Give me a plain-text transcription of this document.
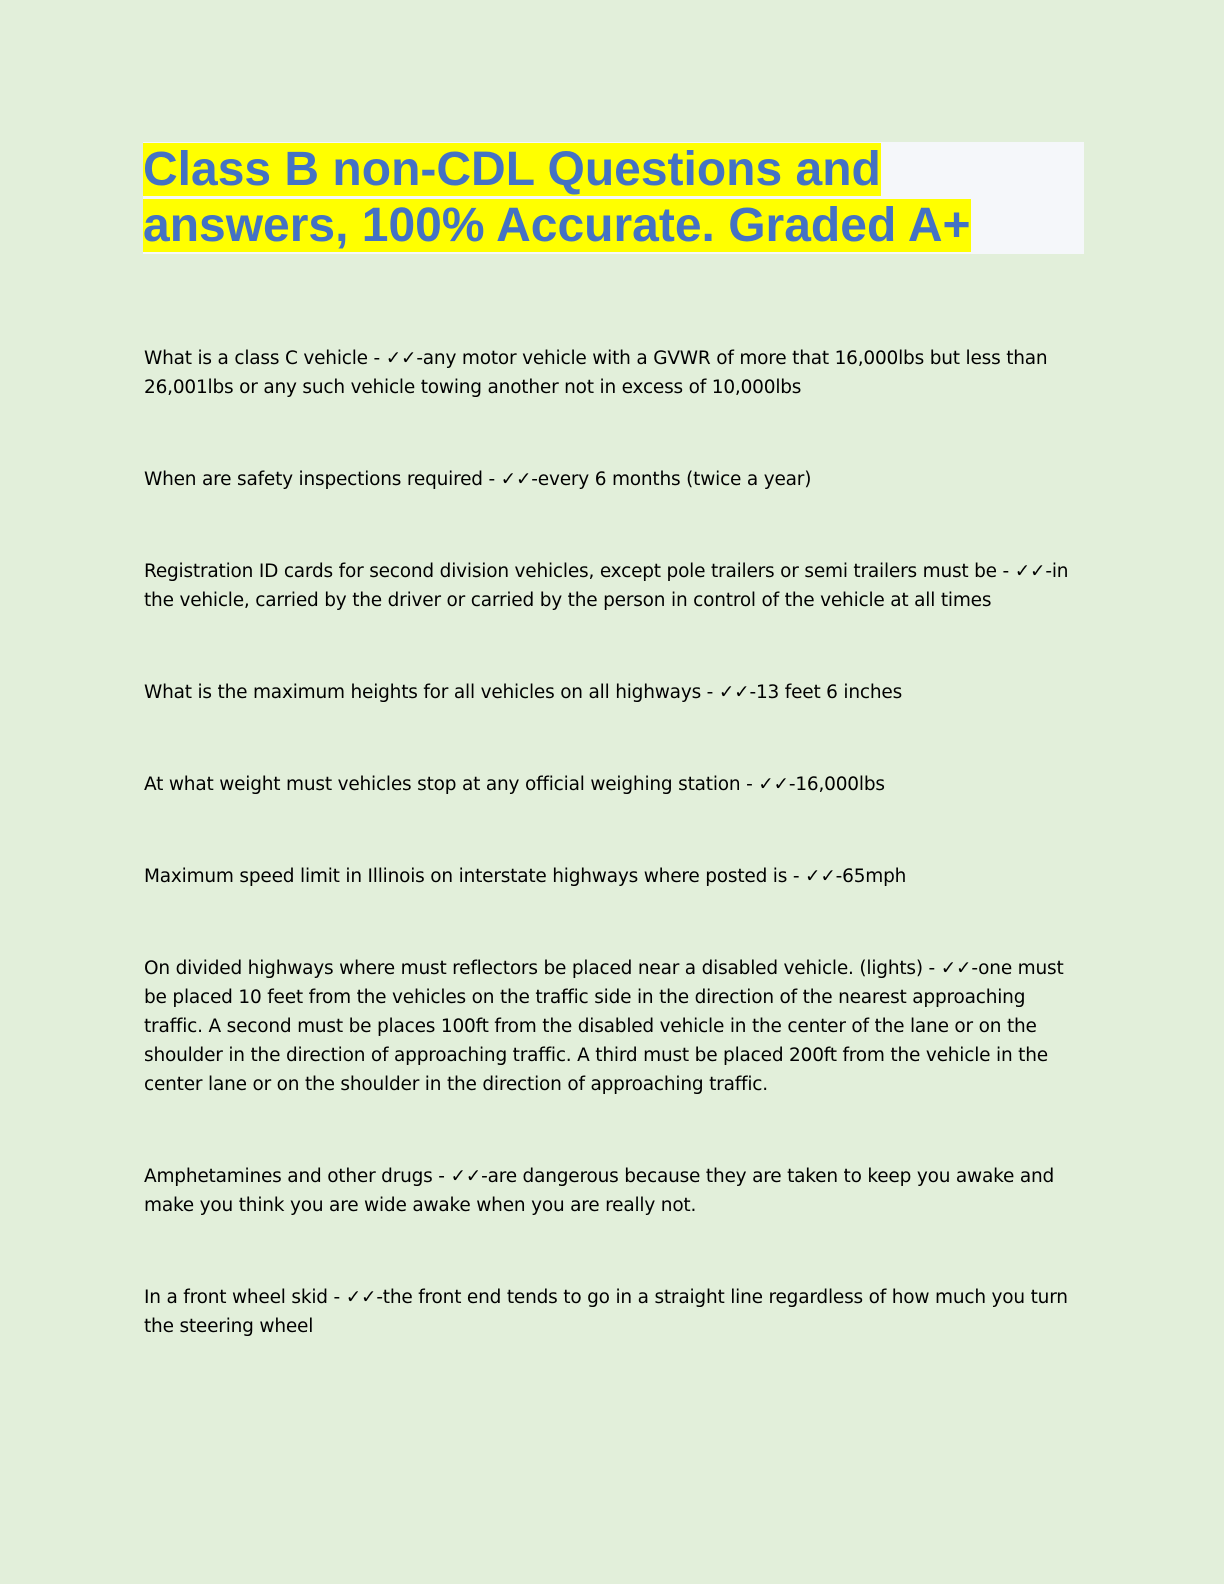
Class B non-CDL Questions and
answers, 100% Accurate. Graded A+

What is a class C vehicle - ✓✓-any motor vehicle with a GVWR of more that 16,000lbs but less than 26,001lbs or any such vehicle towing another not in excess of 10,000lbs

When are safety inspections required - ✓✓-every 6 months (twice a year)

Registration ID cards for second division vehicles, except pole trailers or semi trailers must be - ✓✓-in the vehicle, carried by the driver or carried by the person in control of the vehicle at all times

What is the maximum heights for all vehicles on all highways - ✓✓-13 feet 6 inches

At what weight must vehicles stop at any official weighing station - ✓✓-16,000lbs

Maximum speed limit in Illinois on interstate highways where posted is - ✓✓-65mph

On divided highways where must reflectors be placed near a disabled vehicle. (lights) - ✓✓-one must be placed 10 feet from the vehicles on the traffic side in the direction of the nearest approaching traffic. A second must be places 100ft from the disabled vehicle in the center of the lane or on the shoulder in the direction of approaching traffic. A third must be placed 200ft from the vehicle in the center lane or on the shoulder in the direction of approaching traffic.

Amphetamines and other drugs - ✓✓-are dangerous because they are taken to keep you awake and make you think you are wide awake when you are really not.

In a front wheel skid - ✓✓-the front end tends to go in a straight line regardless of how much you turn the steering wheel
